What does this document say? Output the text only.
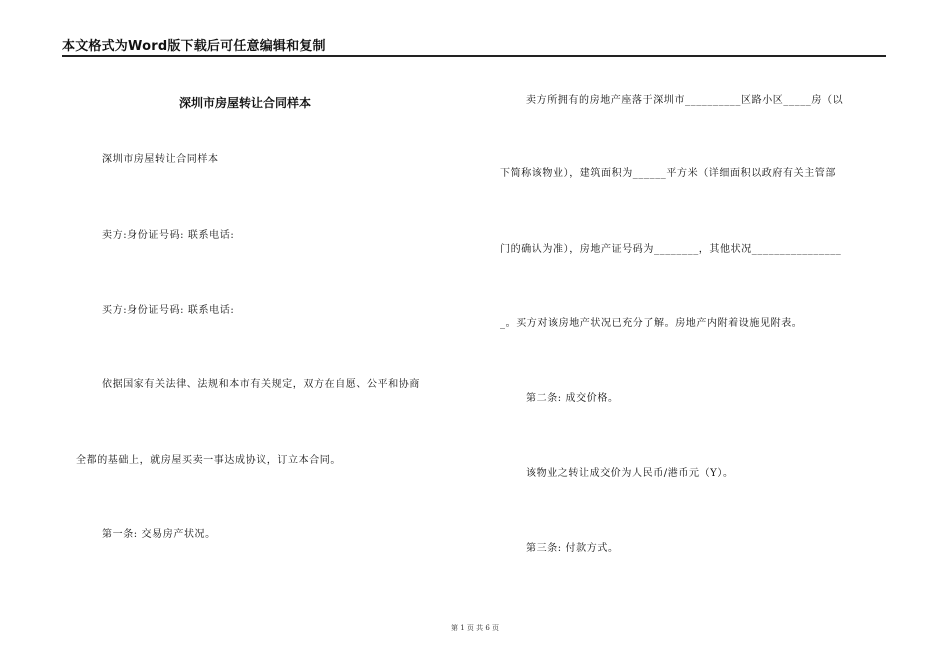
本文格式为Word版下载后可任意编辑和复制
深圳市房屋转让合同样本
深圳市房屋转让合同样本
卖方:身份证号码: 联系电话:
买方:身份证号码: 联系电话:
依据国家有关法律、法规和本市有关规定，双方在自愿、公平和协商
全都的基础上，就房屋买卖一事达成协议，订立本合同。
第一条: 交易房产状况。
卖方所拥有的房地产座落于深圳市__________区路小区_____房（以
下简称该物业），建筑面积为______平方米（详细面积以政府有关主管部
门的确认为准），房地产证号码为________，其他状况________________
_。买方对该房地产状况已充分了解。房地产内附着设施见附表。
第二条: 成交价格。
该物业之转让成交价为人民币/港币元（Y）。
第三条: 付款方式。
第 1 页 共 6 页
